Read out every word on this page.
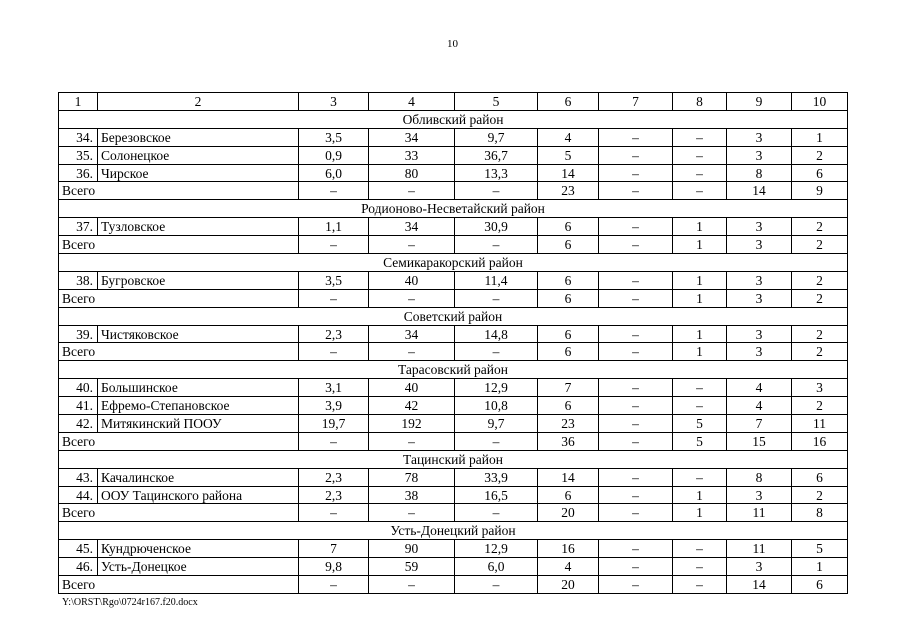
10
1	2	3	4	5	6	7	8	9	10
Обливский район									
34.	Березовское	3,5	34	9,7	4	–	–	3	1
35.	Солонецкое	0,9	33	36,7	5	–	–	3	2
36.	Чирское	6,0	80	13,3	14	–	–	8	6
Всего		–	–	–	23	–	–	14	9
Родионово-Несветайский район									
37.	Тузловское	1,1	34	30,9	6	–	1	3	2
Всего		–	–	–	6	–	1	3	2
Семикаракорский район									
38.	Бугровское	3,5	40	11,4	6	–	1	3	2
Всего		–	–	–	6	–	1	3	2
Советский район									
39.	Чистяковское	2,3	34	14,8	6	–	1	3	2
Всего		–	–	–	6	–	1	3	2
Тарасовский район									
40.	Большинское	3,1	40	12,9	7	–	–	4	3
41.	Ефремо-Степановское	3,9	42	10,8	6	–	–	4	2
42.	Митякинский ПООУ	19,7	192	9,7	23	–	5	7	11
Всего		–	–	–	36	–	5	15	16
Тацинский район									
43.	Качалинское	2,3	78	33,9	14	–	–	8	6
44.	ООУ Тацинского района	2,3	38	16,5	6	–	1	3	2
Всего		–	–	–	20	–	1	11	8
Усть-Донецкий район									
45.	Кундрюченское	7	90	12,9	16	–	–	11	5
46.	Усть-Донецкое	9,8	59	6,0	4	–	–	3	1
Всего		–	–	–	20	–	–	14	6
Y:\ORST\Rgo\0724r167.f20.docx
